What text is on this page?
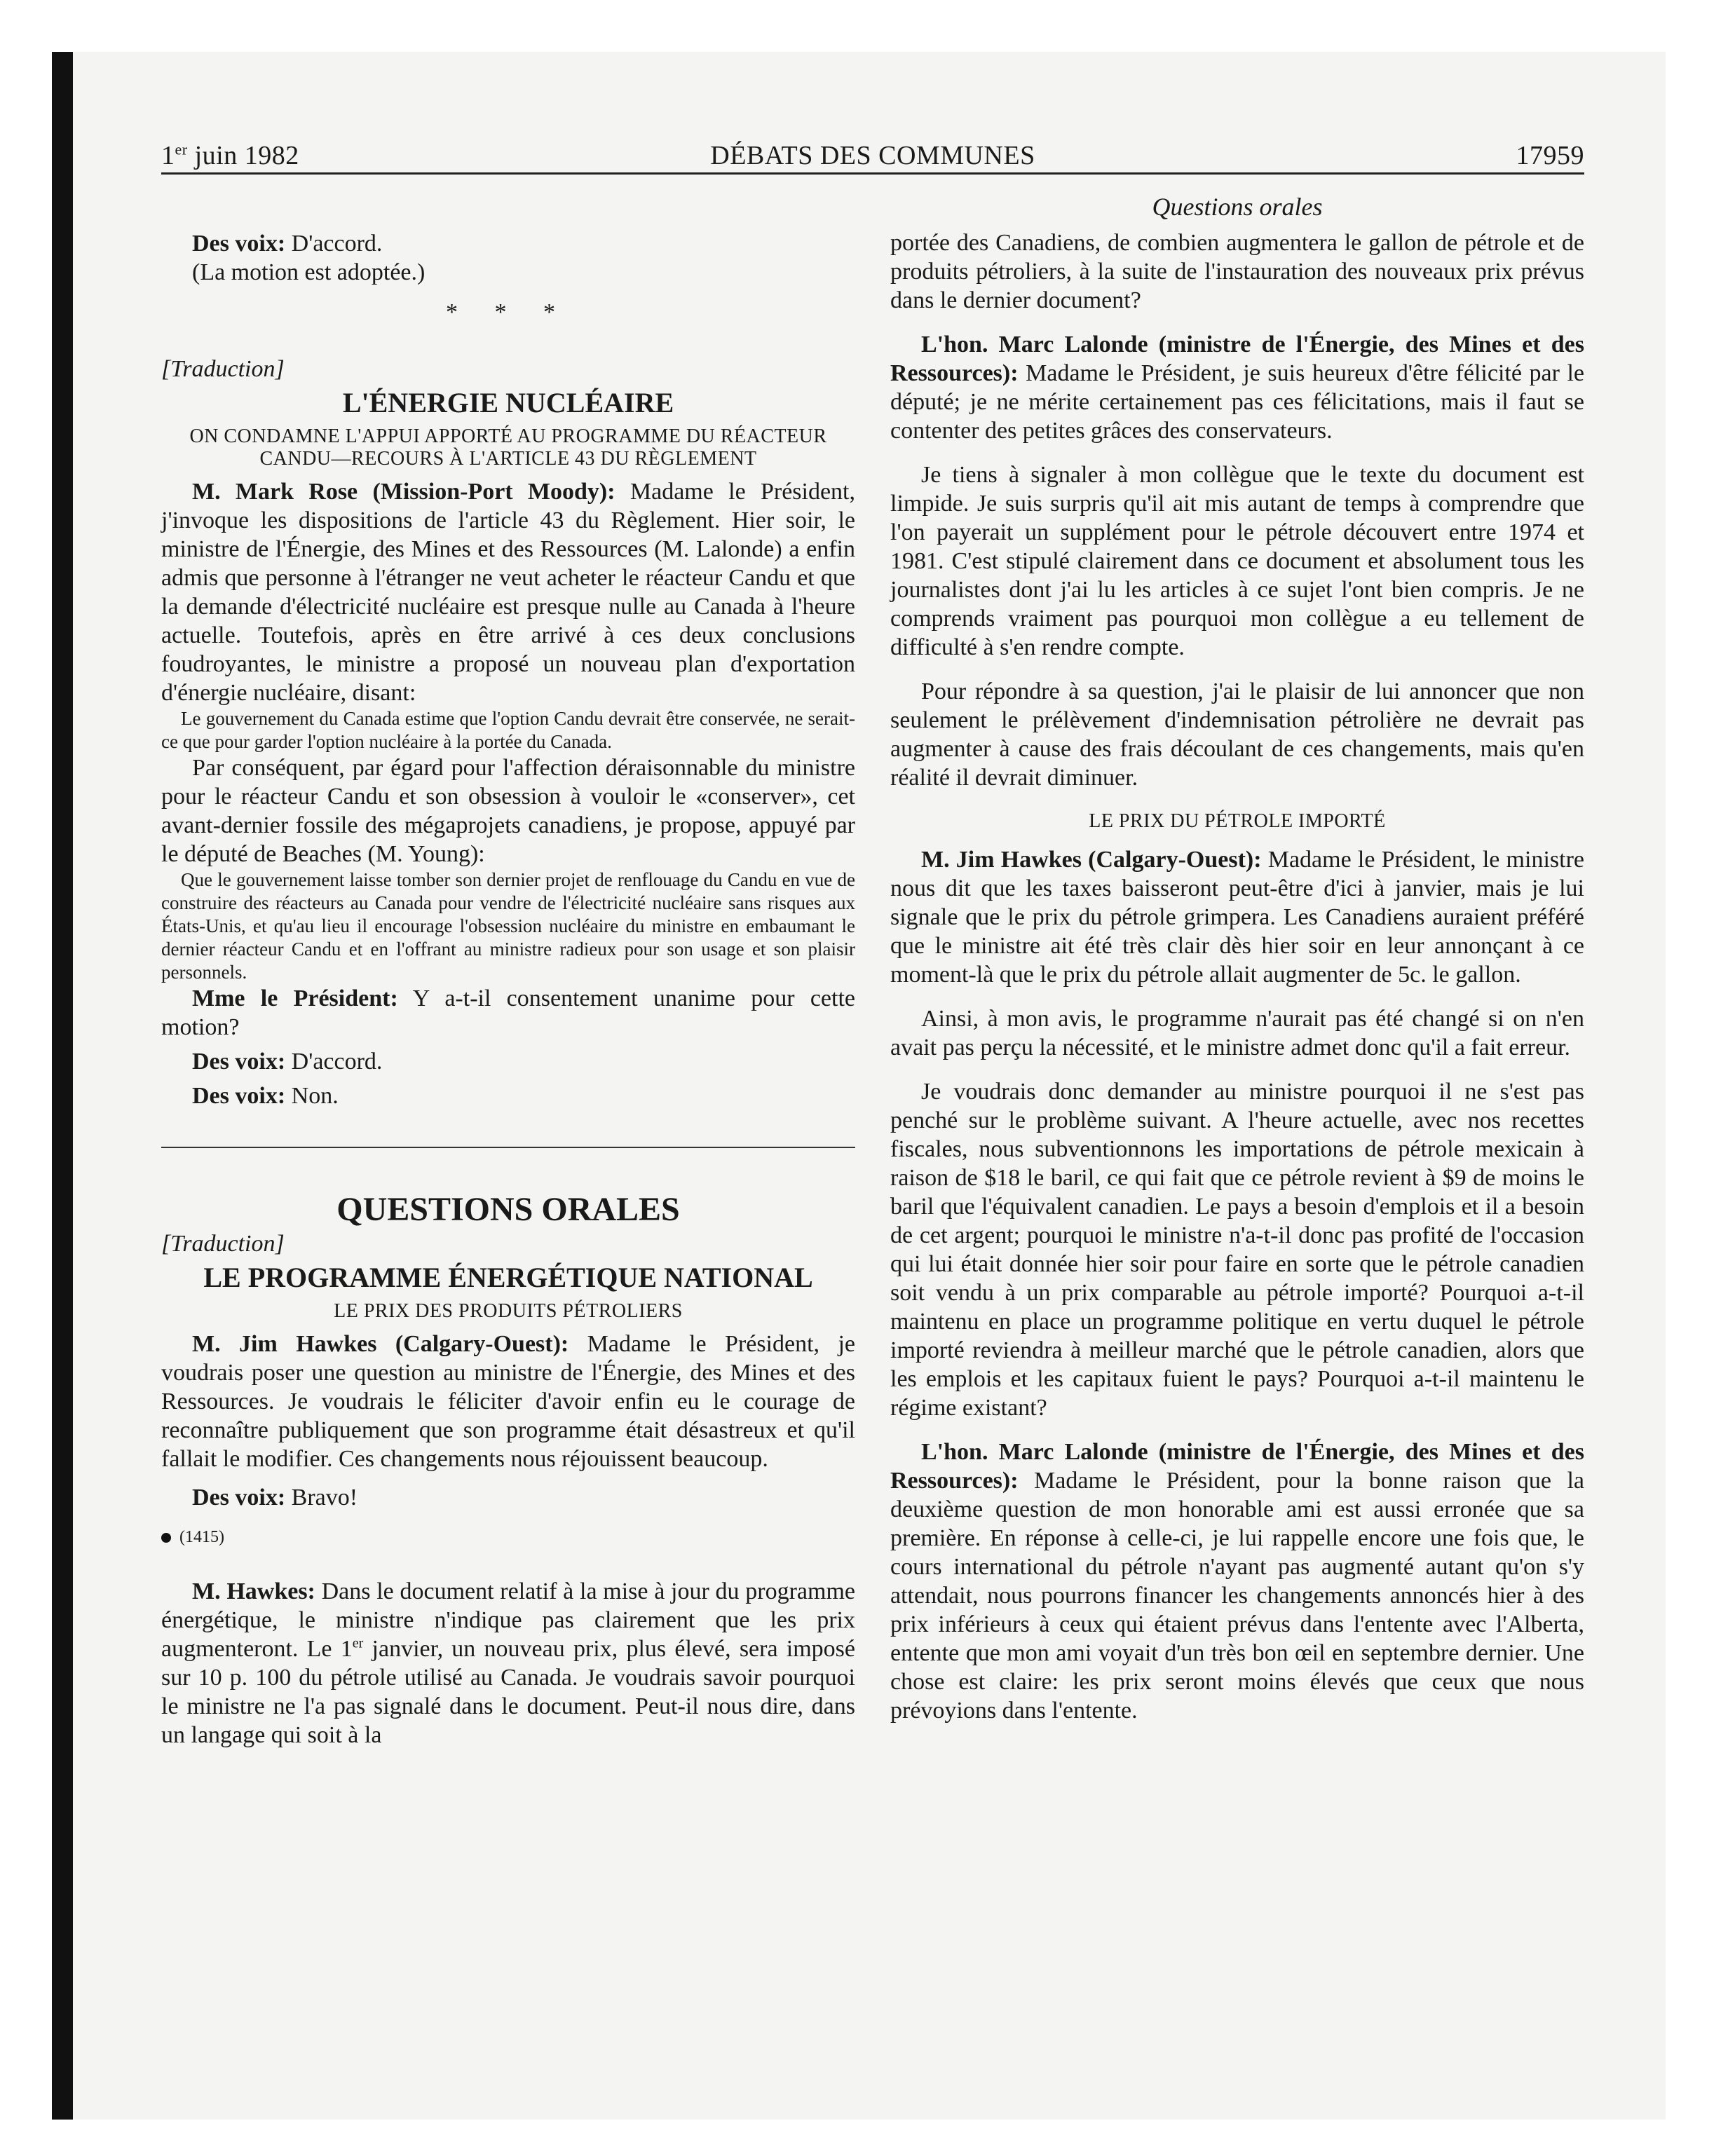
1er juin 1982	DÉBATS DES COMMUNES	17959

Des voix: D'accord.

(La motion est adoptée.)

* * *

[Traduction]

L'ÉNERGIE NUCLÉAIRE
ON CONDAMNE L'APPUI APPORTÉ AU PROGRAMME DU RÉACTEUR CANDU—RECOURS À L'ARTICLE 43 DU RÈGLEMENT

M. Mark Rose (Mission-Port Moody): Madame le Président, j'invoque les dispositions de l'article 43 du Règlement. Hier soir, le ministre de l'Énergie, des Mines et des Ressources (M. Lalonde) a enfin admis que personne à l'étranger ne veut acheter le réacteur Candu et que la demande d'électricité nucléaire est presque nulle au Canada à l'heure actuelle. Toutefois, après en être arrivé à ces deux conclusions foudroyantes, le ministre a proposé un nouveau plan d'exportation d'énergie nucléaire, disant:

Le gouvernement du Canada estime que l'option Candu devrait être conservée, ne serait-ce que pour garder l'option nucléaire à la portée du Canada.

Par conséquent, par égard pour l'affection déraisonnable du ministre pour le réacteur Candu et son obsession à vouloir le «conserver», cet avant-dernier fossile des mégaprojets canadiens, je propose, appuyé par le député de Beaches (M. Young):

Que le gouvernement laisse tomber son dernier projet de renflouage du Candu en vue de construire des réacteurs au Canada pour vendre de l'électricité nucléaire sans risques aux États-Unis, et qu'au lieu il encourage l'obsession nucléaire du ministre en embaumant le dernier réacteur Candu et en l'offrant au ministre radieux pour son usage et son plaisir personnels.

Mme le Président: Y a-t-il consentement unanime pour cette motion?

Des voix: D'accord.

Des voix: Non.

QUESTIONS ORALES

[Traduction]

LE PROGRAMME ÉNERGÉTIQUE NATIONAL
LE PRIX DES PRODUITS PÉTROLIERS

M. Jim Hawkes (Calgary-Ouest): Madame le Président, je voudrais poser une question au ministre de l'Énergie, des Mines et des Ressources. Je voudrais le féliciter d'avoir enfin eu le courage de reconnaître publiquement que son programme était désastreux et qu'il fallait le modifier. Ces changements nous réjouissent beaucoup.

Des voix: Bravo!

(1415)

M. Hawkes: Dans le document relatif à la mise à jour du programme énergétique, le ministre n'indique pas clairement que les prix augmenteront. Le 1er janvier, un nouveau prix, plus élevé, sera imposé sur 10 p. 100 du pétrole utilisé au Canada. Je voudrais savoir pourquoi le ministre ne l'a pas signalé dans le document. Peut-il nous dire, dans un langage qui soit à la

Questions orales

portée des Canadiens, de combien augmentera le gallon de pétrole et de produits pétroliers, à la suite de l'instauration des nouveaux prix prévus dans le dernier document?

L'hon. Marc Lalonde (ministre de l'Énergie, des Mines et des Ressources): Madame le Président, je suis heureux d'être félicité par le député; je ne mérite certainement pas ces félicitations, mais il faut se contenter des petites grâces des conservateurs.

Je tiens à signaler à mon collègue que le texte du document est limpide. Je suis surpris qu'il ait mis autant de temps à comprendre que l'on payerait un supplément pour le pétrole découvert entre 1974 et 1981. C'est stipulé clairement dans ce document et absolument tous les journalistes dont j'ai lu les articles à ce sujet l'ont bien compris. Je ne comprends vraiment pas pourquoi mon collègue a eu tellement de difficulté à s'en rendre compte.

Pour répondre à sa question, j'ai le plaisir de lui annoncer que non seulement le prélèvement d'indemnisation pétrolière ne devrait pas augmenter à cause des frais découlant de ces changements, mais qu'en réalité il devrait diminuer.

LE PRIX DU PÉTROLE IMPORTÉ

M. Jim Hawkes (Calgary-Ouest): Madame le Président, le ministre nous dit que les taxes baisseront peut-être d'ici à janvier, mais je lui signale que le prix du pétrole grimpera. Les Canadiens auraient préféré que le ministre ait été très clair dès hier soir en leur annonçant à ce moment-là que le prix du pétrole allait augmenter de 5c. le gallon.

Ainsi, à mon avis, le programme n'aurait pas été changé si on n'en avait pas perçu la nécessité, et le ministre admet donc qu'il a fait erreur.

Je voudrais donc demander au ministre pourquoi il ne s'est pas penché sur le problème suivant. A l'heure actuelle, avec nos recettes fiscales, nous subventionnons les importations de pétrole mexicain à raison de $18 le baril, ce qui fait que ce pétrole revient à $9 de moins le baril que l'équivalent canadien. Le pays a besoin d'emplois et il a besoin de cet argent; pourquoi le ministre n'a-t-il donc pas profité de l'occasion qui lui était donnée hier soir pour faire en sorte que le pétrole canadien soit vendu à un prix comparable au pétrole importé? Pourquoi a-t-il maintenu en place un programme politique en vertu duquel le pétrole importé reviendra à meilleur marché que le pétrole canadien, alors que les emplois et les capitaux fuient le pays? Pourquoi a-t-il maintenu le régime existant?

L'hon. Marc Lalonde (ministre de l'Énergie, des Mines et des Ressources): Madame le Président, pour la bonne raison que la deuxième question de mon honorable ami est aussi erronée que sa première. En réponse à celle-ci, je lui rappelle encore une fois que, le cours international du pétrole n'ayant pas augmenté autant qu'on s'y attendait, nous pourrons financer les changements annoncés hier à des prix inférieurs à ceux qui étaient prévus dans l'entente avec l'Alberta, entente que mon ami voyait d'un très bon œil en septembre dernier. Une chose est claire: les prix seront moins élevés que ceux que nous prévoyions dans l'entente.
